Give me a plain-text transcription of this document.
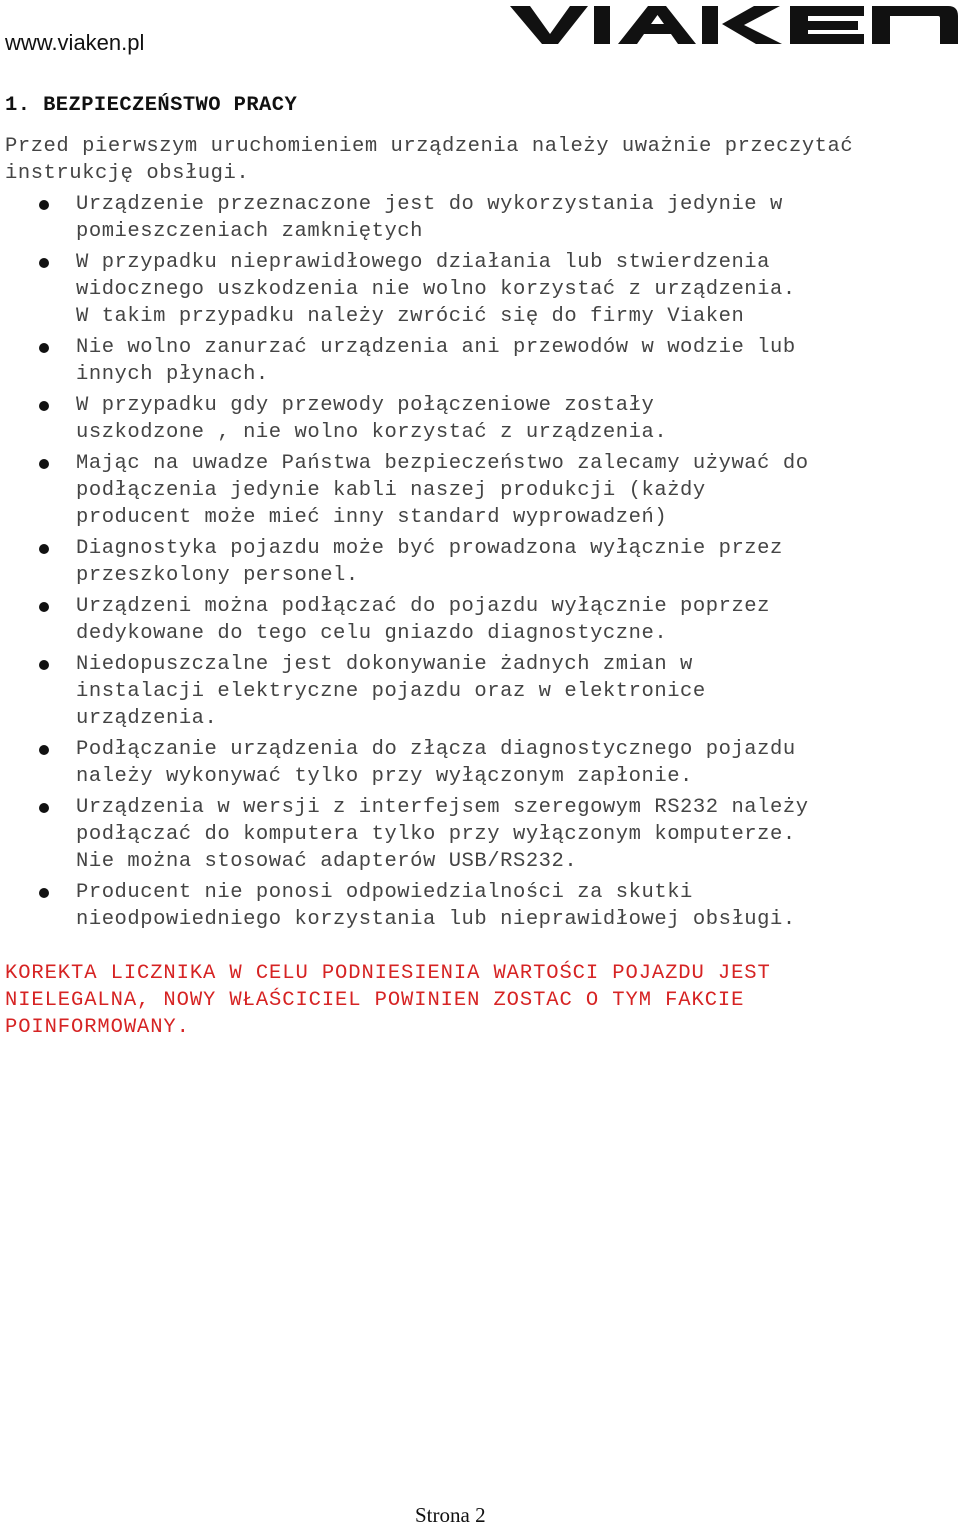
www.viaken.pl
1. BEZPIECZEŃSTWO PRACY

Przed pierwszym uruchomieniem urządzenia należy uważnie przeczytać instrukcję obsługi.

Urządzenie przeznaczone jest do wykorzystania jedynie w
pomieszczeniach zamkniętych
W przypadku nieprawidłowego działania lub stwierdzenia
widocznego uszkodzenia nie wolno korzystać z urządzenia.
W takim przypadku należy zwrócić się do firmy Viaken
Nie wolno zanurzać urządzenia ani przewodów w wodzie lub
innych płynach.
W przypadku gdy przewody połączeniowe zostały
uszkodzone , nie wolno korzystać z urządzenia.
Mając na uwadze Państwa bezpieczeństwo zalecamy używać do
podłączenia jedynie kabli naszej produkcji (każdy
producent może mieć inny standard wyprowadzeń)
Diagnostyka pojazdu może być prowadzona wyłącznie przez
przeszkolony personel.
Urządzeni można podłączać do pojazdu wyłącznie poprzez
dedykowane do tego celu gniazdo diagnostyczne.
Niedopuszczalne jest dokonywanie żadnych zmian w
instalacji elektryczne pojazdu oraz w elektronice
urządzenia.
Podłączanie urządzenia do złącza diagnostycznego pojazdu
należy wykonywać tylko przy wyłączonym zapłonie.
Urządzenia w wersji z interfejsem szeregowym RS232 należy
podłączać do komputera tylko przy wyłączonym komputerze.
Nie można stosować adapterów USB/RS232.
Producent nie ponosi odpowiedzialności za skutki
nieodpowiedniego korzystania lub nieprawidłowej obsługi.

KOREKTA LICZNIKA W CELU PODNIESIENIA WARTOŚCI POJAZDU JEST
NIELEGALNA, NOWY WŁAŚCICIEL POWINIEN ZOSTAC O TYM FAKCIE
POINFORMOWANY.

Strona 2
